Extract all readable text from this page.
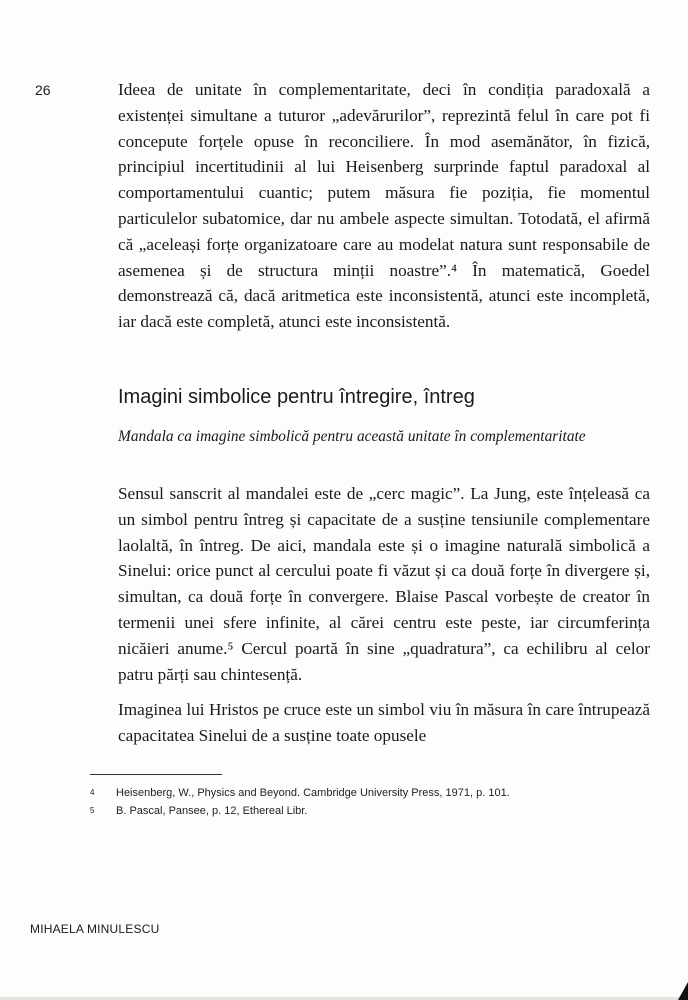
26	Ideea de unitate în complementaritate, deci în condiția paradoxală a existenței simultane a tuturor „adevărurilor”, reprezintă felul în care pot fi concepute forțele opuse în reconciliere. În mod asemănător, în fizică, principiul incertitudinii al lui Heisenberg surprinde faptul paradoxal al comportamentului cuantic; putem măsura fie poziția, fie momentul particulelor subatomice, dar nu ambele aspecte simultan. Totodată, el afirmă că „aceleași forțe organizatoare care au modelat natura sunt responsabile de asemenea și de structura minții noastre”.⁴ În matematică, Goedel demonstrează că, dacă aritmetica este inconsistentă, atunci este incompletă, iar dacă este completă, atunci este inconsistentă.

Imagini simbolice pentru întregire, întreg

Mandala ca imagine simbolică pentru această unitate în complementaritate

Sensul sanscrit al mandalei este de „cerc magic”. La Jung, este înțeleasă ca un simbol pentru întreg și capacitate de a susține tensiunile complementare laolaltă, în întreg. De aici, mandala este și o imagine naturală simbolică a Sinelui: orice punct al cercului poate fi văzut și ca două forțe în divergere și, simultan, ca două forțe în convergere. Blaise Pascal vorbește de creator în termenii unei sfere infinite, al cărei centru este peste, iar circumferința nicăieri anume.⁵ Cercul poartă în sine „quadratura”, ca echilibru al celor patru părți sau chintesență.

Imaginea lui Hristos pe cruce este un simbol viu în măsura în care întrupează capacitatea Sinelui de a susține toate opusele

4	Heisenberg, W., Physics and Beyond. Cambridge University Press, 1971, p. 101.
5	B. Pascal, Pansee, p. 12, Ethereal Libr.
MIHAELA MINULESCU
